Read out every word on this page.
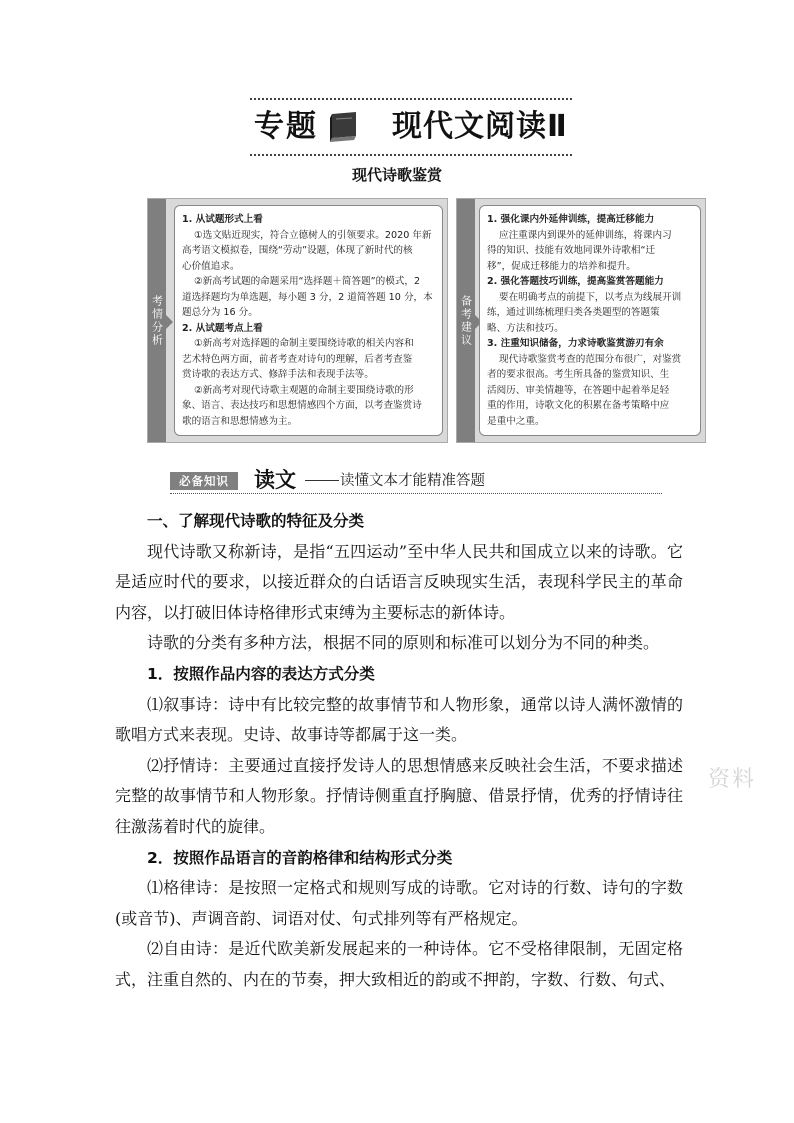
专题 现代文阅读Ⅱ
现代诗歌鉴赏
考情分析

1. 从试题形式上看

①选文贴近现实，符合立德树人的引领要求。2020 年新

高考语文模拟卷，围绕“劳动”设题，体现了新时代的核

心价值追求。

②新高考试题的命题采用“选择题＋简答题”的模式，2

道选择题均为单选题，每小题 3 分，2 道简答题 10 分，本

题总分为 16 分。

2. 从试题考点上看

①新高考对选择题的命制主要围绕诗歌的相关内容和

艺术特色两方面，前者考查对诗句的理解，后者考查鉴

赏诗歌的表达方式、修辞手法和表现手法等。

②新高考对现代诗歌主观题的命制主要围绕诗歌的形

象、语言、表达技巧和思想情感四个方面，以考查鉴赏诗

歌的语言和思想情感为主。

备考建议

1. 强化课内外延伸训练，提高迁移能力

应注重课内到课外的延伸训练，将课内习

得的知识、技能有效地同课外诗歌相“迁

移”，促成迁移能力的培养和提升。

2. 强化答题技巧训练，提高鉴赏答题能力

要在明确考点的前提下，以考点为线展开训

练，通过训练梳理归类各类题型的答题策

略、方法和技巧。

3. 注重知识储备，力求诗歌鉴赏游刃有余

现代诗歌鉴赏考查的范围分布很广，对鉴赏

者的要求很高。考生所具备的鉴赏知识、生

活阅历、审美情趣等，在答题中起着举足轻

重的作用，诗歌文化的积累在备考策略中应

是重中之重。

必备知识	读文	读懂文本才能精准答题

一、了解现代诗歌的特征及分类

现代诗歌又称新诗，是指“五四运动”至中华人民共和国成立以来的诗歌。它是适应时代的要求，以接近群众的白话语言反映现实生活，表现科学民主的革命内容，以打破旧体诗格律形式束缚为主要标志的新体诗。

诗歌的分类有多种方法，根据不同的原则和标准可以划分为不同的种类。

1．按照作品内容的表达方式分类

⑴叙事诗：诗中有比较完整的故事情节和人物形象，通常以诗人满怀激情的歌唱方式来表现。史诗、故事诗等都属于这一类。

⑵抒情诗：主要通过直接抒发诗人的思想情感来反映社会生活，不要求描述完整的故事情节和人物形象。抒情诗侧重直抒胸臆、借景抒情，优秀的抒情诗往往激荡着时代的旋律。

2．按照作品语言的音韵格律和结构形式分类

⑴格律诗：是按照一定格式和规则写成的诗歌。它对诗的行数、诗句的字数(或音节)、声调音韵、词语对仗、句式排列等有严格规定。

⑵自由诗：是近代欧美新发展起来的一种诗体。它不受格律限制，无固定格式，注重自然的、内在的节奏，押大致相近的韵或不押韵，字数、行数、句式、

资料
